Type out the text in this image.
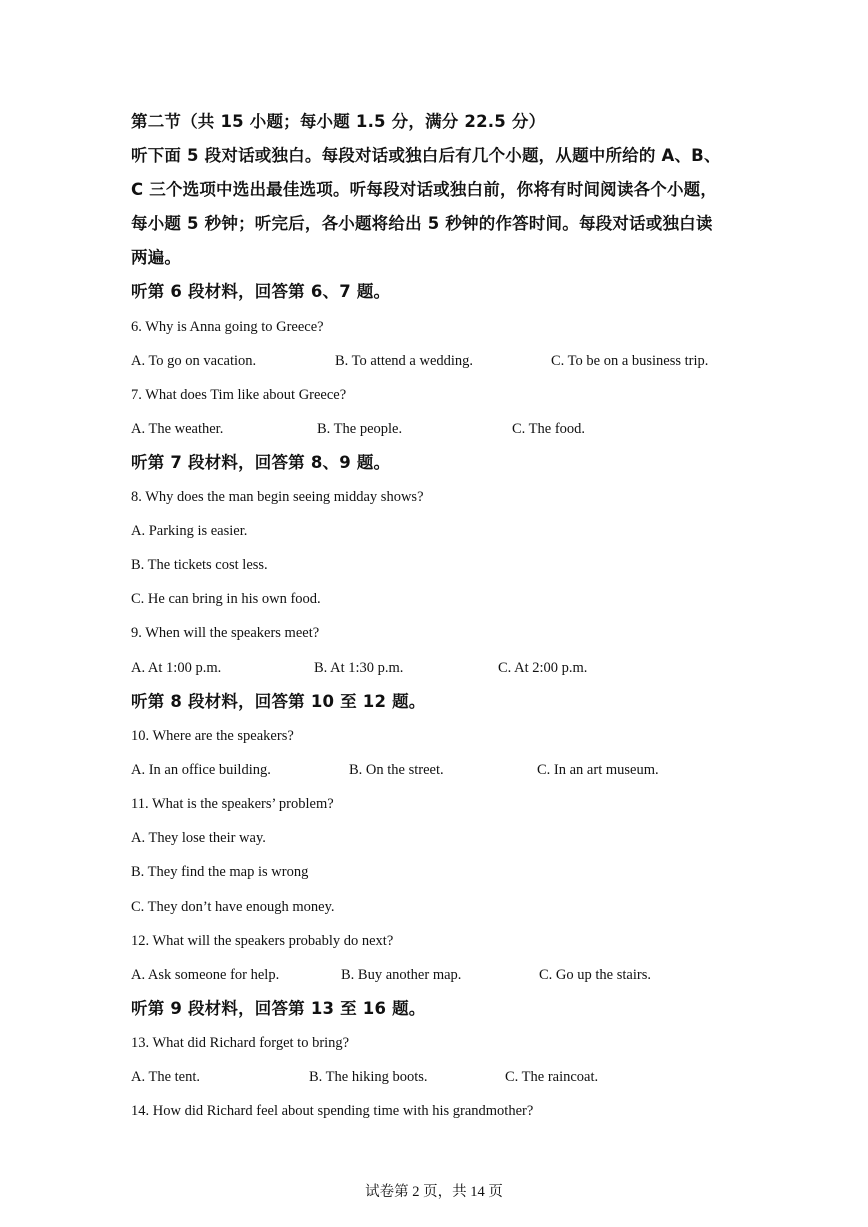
第二节（共 15 小题；每小题 1.5 分，满分 22.5 分）
听下面 5 段对话或独白。每段对话或独白后有几个小题，从题中所给的 A、B、
C 三个选项中选出最佳选项。听每段对话或独白前，你将有时间阅读各个小题，
每小题 5 秒钟；听完后，各小题将给出 5 秒钟的作答时间。每段对话或独白读
两遍。
听第 6 段材料，回答第 6、7 题。
6. Why is Anna going to Greece?
A. To go on vacation.	B. To attend a wedding.	C. To be on a business trip.
7. What does Tim like about Greece?
A. The weather.	B. The people.	C. The food.
听第 7 段材料，回答第 8、9 题。
8. Why does the man begin seeing midday shows?
A. Parking is easier.
B. The tickets cost less.
C. He can bring in his own food.
9. When will the speakers meet?
A. At 1:00 p.m.	B. At 1:30 p.m.	C. At 2:00 p.m.
听第 8 段材料，回答第 10 至 12 题。
10. Where are the speakers?
A. In an office building.	B. On the street.	C. In an art museum.
11. What is the speakers’ problem?
A. They lose their way.
B. They find the map is wrong
C. They don’t have enough money.
12. What will the speakers probably do next?
A. Ask someone for help.	B. Buy another map.	C. Go up the stairs.
听第 9 段材料，回答第 13 至 16 题。
13. What did Richard forget to bring?
A. The tent.	B. The hiking boots.	C. The raincoat.
14. How did Richard feel about spending time with his grandmother?
试卷第 2 页，共 14 页
